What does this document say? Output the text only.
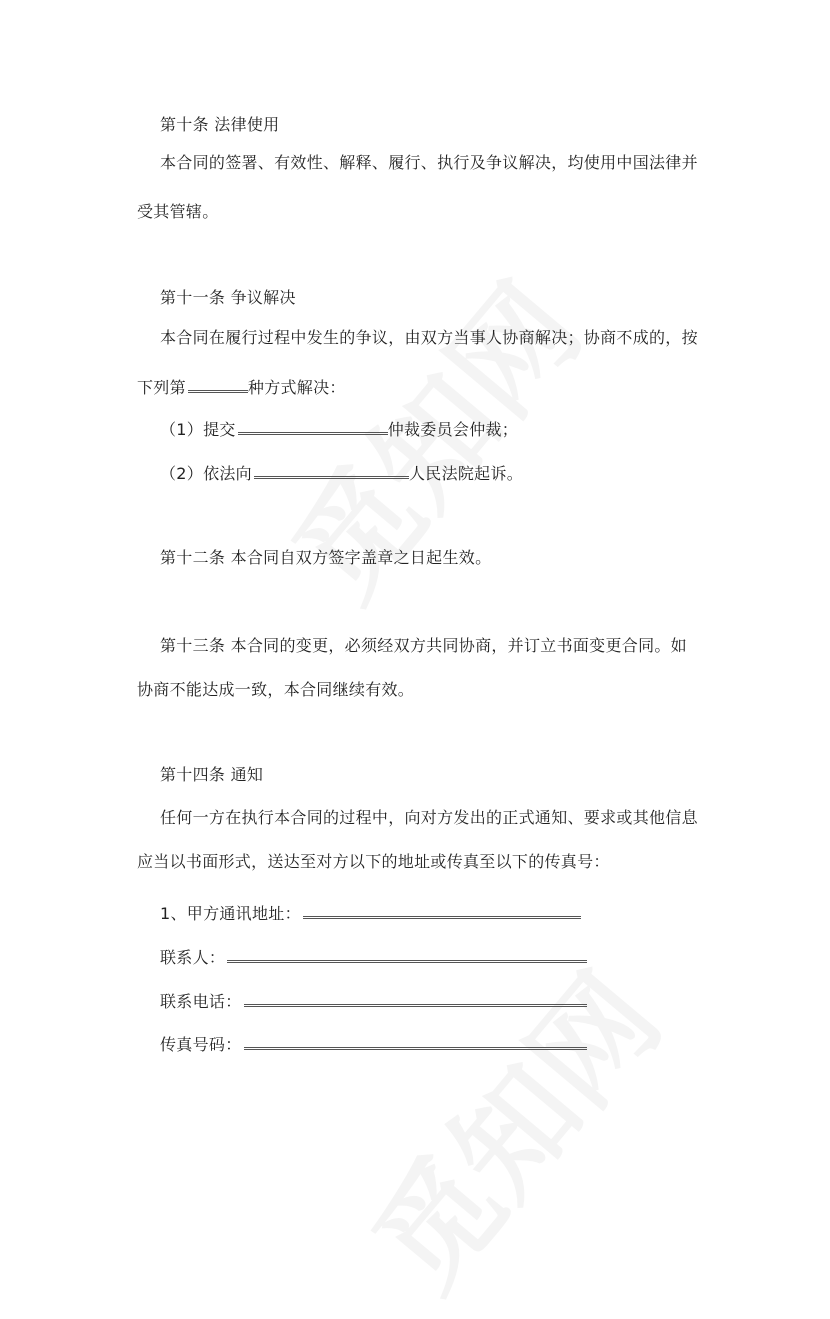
第十条 法律使用
本合同的签署、有效性、解释、履行、执行及争议解决，均使用中国法律并
受其管辖。
第十一条 争议解决
本合同在履行过程中发生的争议，由双方当事人协商解决；协商不成的，按
下列第	种方式解决：
（1）提交	仲裁委员会仲裁；
（2）依法向	人民法院起诉。
第十二条 本合同自双方签字盖章之日起生效。
第十三条 本合同的变更，必须经双方共同协商，并订立书面变更合同。如
协商不能达成一致，本合同继续有效。
第十四条 通知
任何一方在执行本合同的过程中，向对方发出的正式通知、要求或其他信息
应当以书面形式，送达至对方以下的地址或传真至以下的传真号：
1、甲方通讯地址：
联系人：
联系电话：
传真号码：
